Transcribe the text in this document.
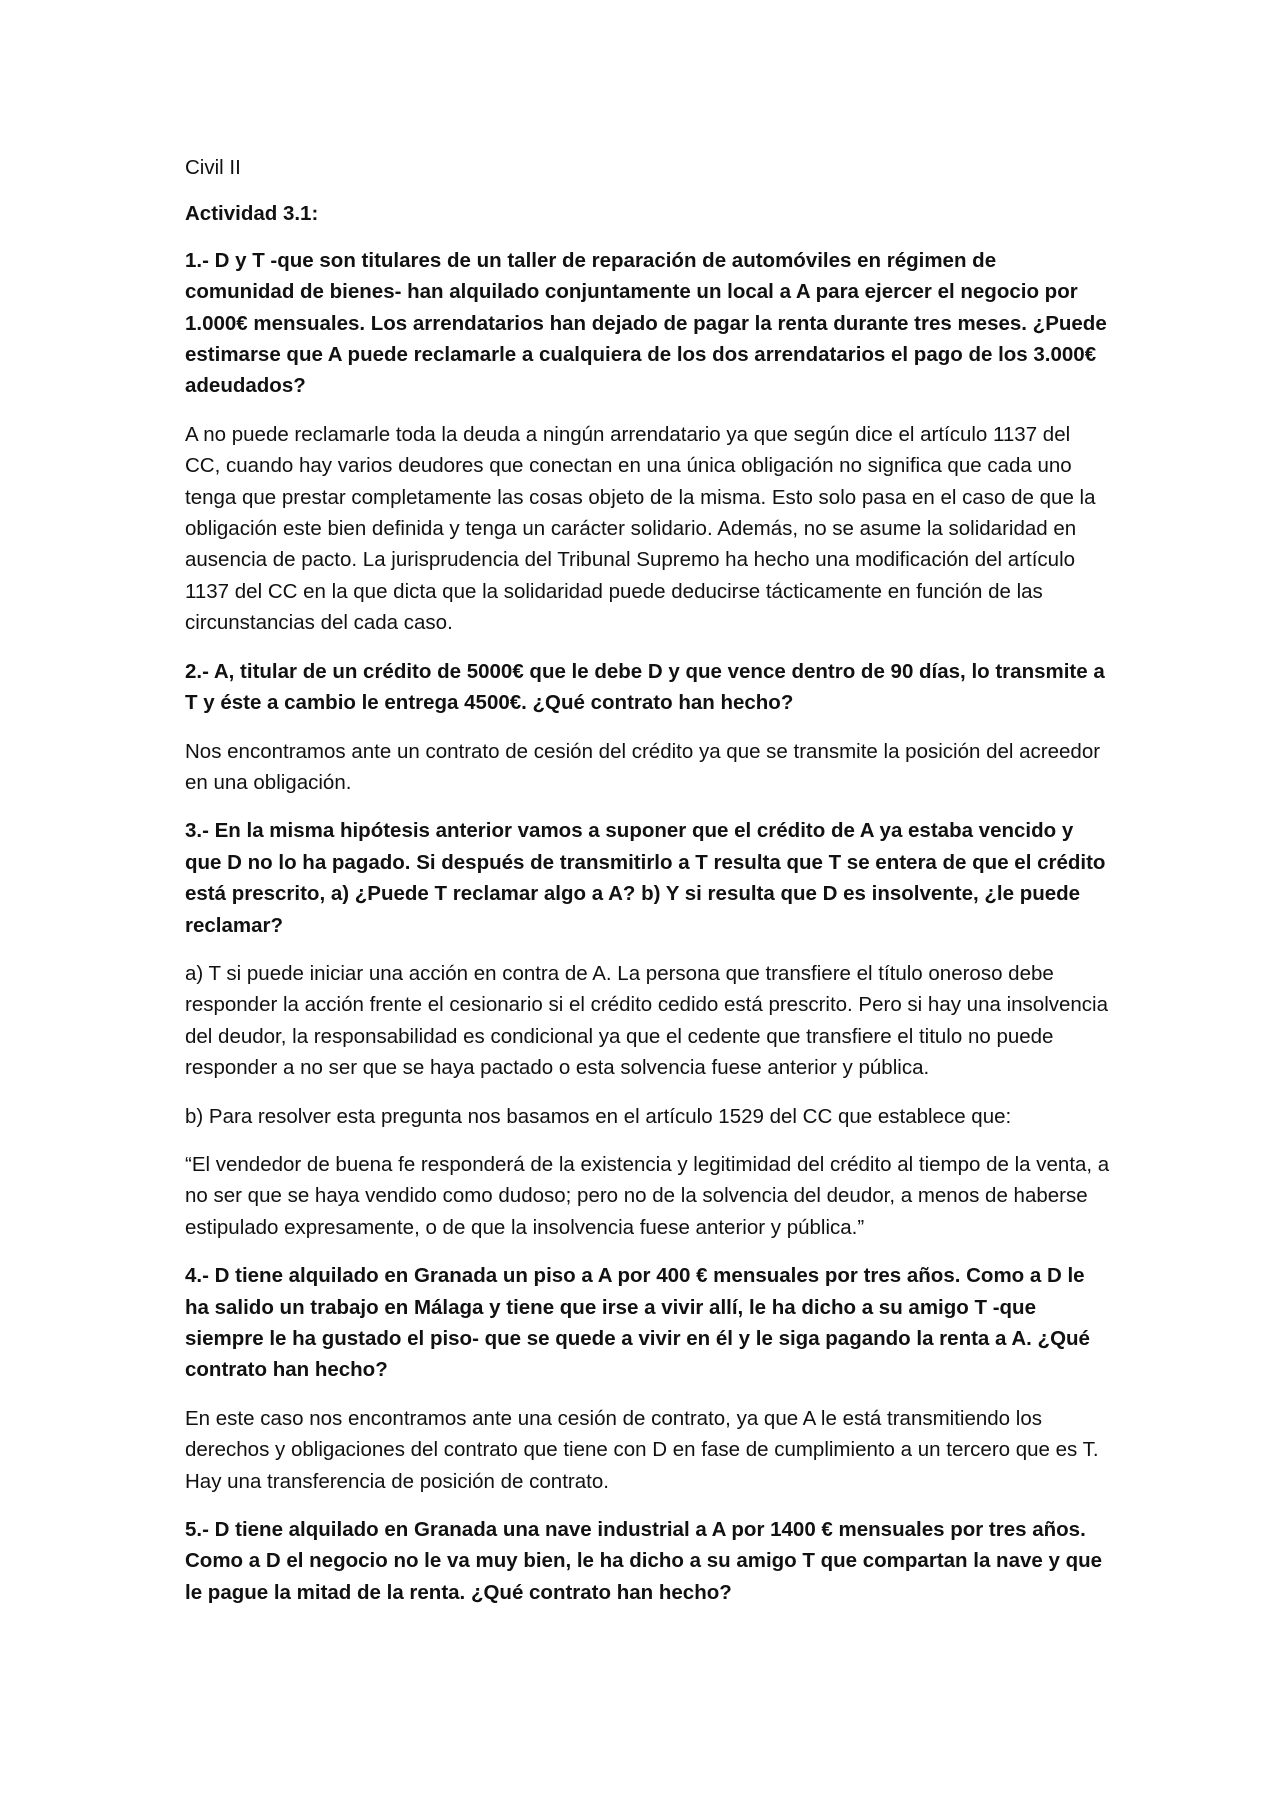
Civil II

Actividad 3.1:

1.- D y T -que son titulares de un taller de reparación de automóviles en régimen de comunidad de bienes- han alquilado conjuntamente un local a A para ejercer el negocio por 1.000€ mensuales. Los arrendatarios han dejado de pagar la renta durante tres meses. ¿Puede estimarse que A puede reclamarle a cualquiera de los dos arrendatarios el pago de los 3.000€ adeudados?

A no puede reclamarle toda la deuda a ningún arrendatario ya que según dice el artículo 1137 del CC, cuando hay varios deudores que conectan en una única obligación no significa que cada uno tenga que prestar completamente las cosas objeto de la misma. Esto solo pasa en el caso de que la obligación este bien definida y tenga un carácter solidario. Además, no se asume la solidaridad en ausencia de pacto. La jurisprudencia del Tribunal Supremo ha hecho una modificación del artículo 1137 del CC en la que dicta que la solidaridad puede deducirse tácticamente en función de las circunstancias del cada caso.

2.- A, titular de un crédito de 5000€ que le debe D y que vence dentro de 90 días, lo transmite a T y éste a cambio le entrega 4500€. ¿Qué contrato han hecho?

Nos encontramos ante un contrato de cesión del crédito ya que se transmite la posición del acreedor en una obligación.

3.- En la misma hipótesis anterior vamos a suponer que el crédito de A ya estaba vencido y que D no lo ha pagado. Si después de transmitirlo a T resulta que T se entera de que el crédito está prescrito, a) ¿Puede T reclamar algo a A? b) Y si resulta que D es insolvente, ¿le puede reclamar?

a) T si puede iniciar una acción en contra de A. La persona que transfiere el título oneroso debe responder la acción frente el cesionario si el crédito cedido está prescrito. Pero si hay una insolvencia del deudor, la responsabilidad es condicional ya que el cedente que transfiere el titulo no puede responder a no ser que se haya pactado o esta solvencia fuese anterior y pública.

b) Para resolver esta pregunta nos basamos en el artículo 1529 del CC que establece que:

“El vendedor de buena fe responderá de la existencia y legitimidad del crédito al tiempo de la venta, a no ser que se haya vendido como dudoso; pero no de la solvencia del deudor, a menos de haberse estipulado expresamente, o de que la insolvencia fuese anterior y pública.”

4.- D tiene alquilado en Granada un piso a A por 400 € mensuales por tres años. Como a D le ha salido un trabajo en Málaga y tiene que irse a vivir allí, le ha dicho a su amigo T -que siempre le ha gustado el piso- que se quede a vivir en él y le siga pagando la renta a A. ¿Qué contrato han hecho?

En este caso nos encontramos ante una cesión de contrato, ya que A le está transmitiendo los derechos y obligaciones del contrato que tiene con D en fase de cumplimiento a un tercero que es T. Hay una transferencia de posición de contrato.

5.- D tiene alquilado en Granada una nave industrial a A por 1400 € mensuales por tres años. Como a D el negocio no le va muy bien, le ha dicho a su amigo T que compartan la nave y que le pague la mitad de la renta. ¿Qué contrato han hecho?
